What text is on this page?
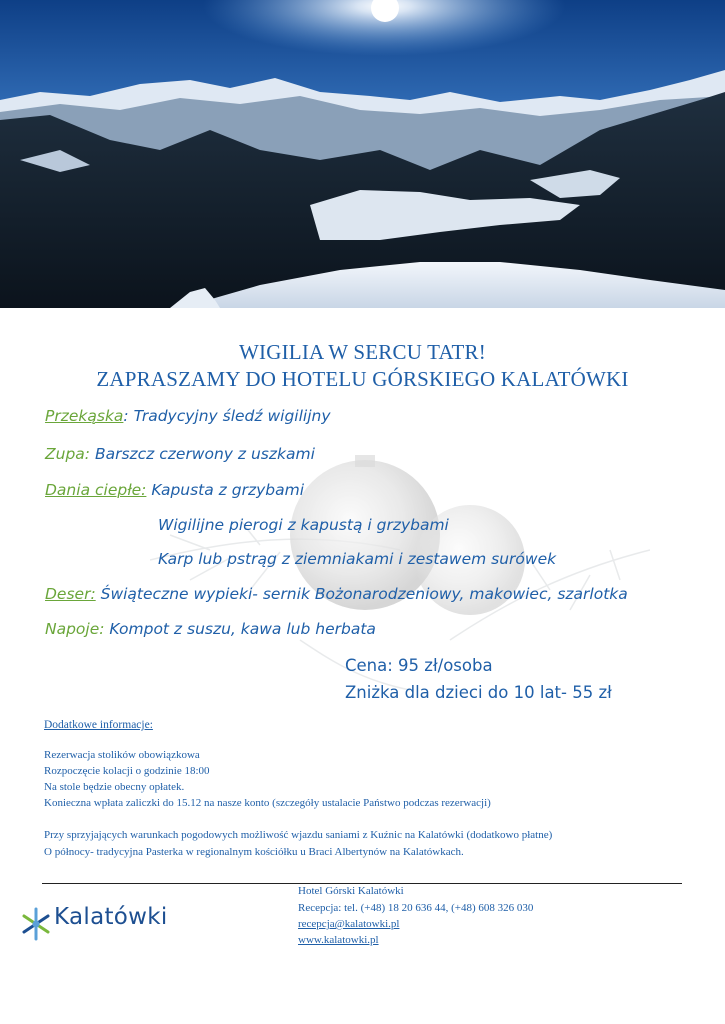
WIGILIA W SERCU TATR!
ZAPRASZAMY DO HOTELU GÓRSKIEGO KALATÓWKI
Przekąska: Tradycyjny śledź wigilijny
Zupa: Barszcz czerwony z uszkami
Dania ciepłe: Kapusta z grzybami
Wigilijne pierogi z kapustą i grzybami
Karp lub pstrąg z ziemniakami i zestawem surówek
Deser: Świąteczne wypieki- sernik Bożonarodzeniowy, makowiec, szarlotka
Napoje: Kompot z suszu, kawa lub herbata
Cena: 95 zł/osoba
Zniżka dla dzieci do 10 lat- 55 zł
Dodatkowe informacje:
Rezerwacja stolików obowiązkowa
Rozpoczęcie kolacji o godzinie 18:00
Na stole będzie obecny opłatek.
Konieczna wpłata zaliczki do 15.12 na nasze konto (szczegóły ustalacie Państwo podczas rezerwacji)
Przy sprzyjających warunkach pogodowych możliwość wjazdu saniami z Kuźnic na Kalatówki (dodatkowo płatne)
O północy- tradycyjna Pasterka w regionalnym kościółku u Braci Albertynów na Kalatówkach.
Kalatówki
Hotel Górski Kalatówki
Recepcja: tel. (+48) 18 20 636 44, (+48) 608 326 030
recepcja@kalatowki.pl
www.kalatowki.pl
